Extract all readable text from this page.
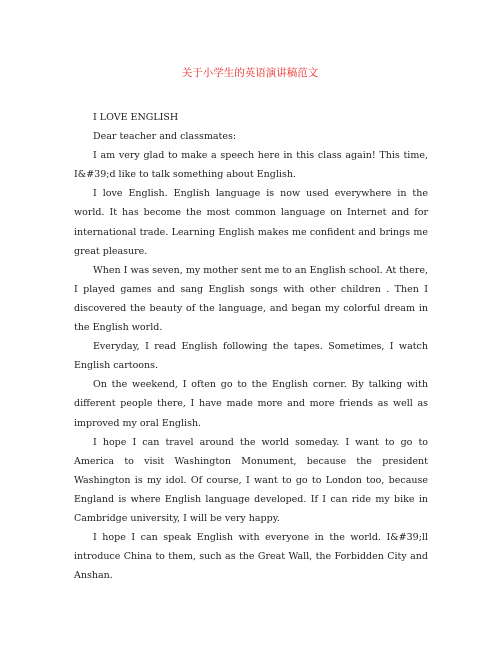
关于小学生的英语演讲稿范文

I LOVE ENGLISH

Dear teacher and classmates:

I am very glad to make a speech here in this class again! This time, I&#39;d like to talk something about English.

I love English. English language is now used everywhere in the world. It has become the most common language on Internet and for international trade. Learning English makes me confident and brings me great pleasure.

When I was seven, my mother sent me to an English school. At there, I played games and sang English songs with other children . Then I discovered the beauty of the language, and began my colorful dream in the English world.

Everyday, I read English following the tapes. Sometimes, I watch English cartoons.

On the weekend, I often go to the English corner. By talking with different people there, I have made more and more friends as well as improved my oral English.

I hope I can travel around the world someday. I want to go to America to visit Washington Monument, because the president Washington is my idol. Of course, I want to go to London too, because England is where English language developed. If I can ride my bike in Cambridge university, I will be very happy.

I hope I can speak English with everyone in the world. I&#39;ll introduce China to them, such as the Great Wall, the Forbidden City and Anshan.
